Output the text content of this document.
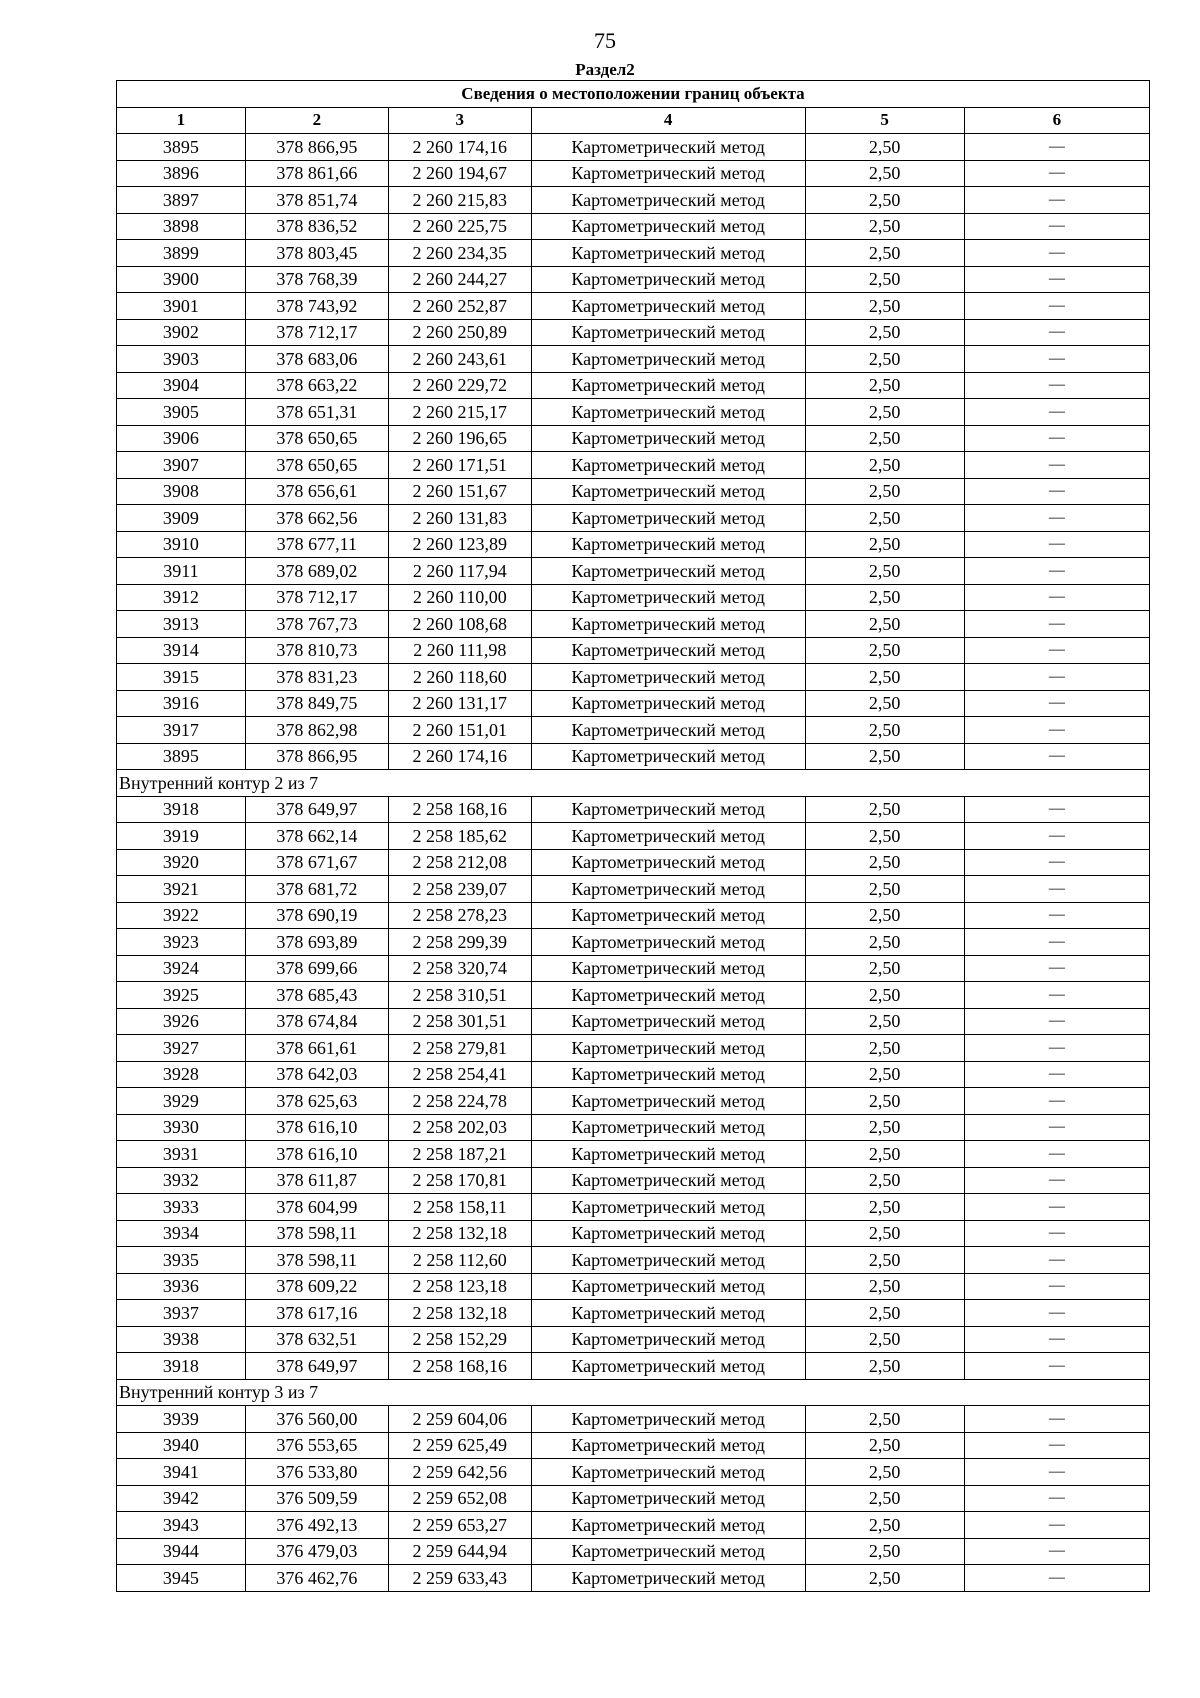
75
Раздел2
Сведения о местоположении границ объекта					
1	2	3	4	5	6
3895	378 866,95	2 260 174,16	Картометрический метод	2,50	—
3896	378 861,66	2 260 194,67	Картометрический метод	2,50	—
3897	378 851,74	2 260 215,83	Картометрический метод	2,50	—
3898	378 836,52	2 260 225,75	Картометрический метод	2,50	—
3899	378 803,45	2 260 234,35	Картометрический метод	2,50	—
3900	378 768,39	2 260 244,27	Картометрический метод	2,50	—
3901	378 743,92	2 260 252,87	Картометрический метод	2,50	—
3902	378 712,17	2 260 250,89	Картометрический метод	2,50	—
3903	378 683,06	2 260 243,61	Картометрический метод	2,50	—
3904	378 663,22	2 260 229,72	Картометрический метод	2,50	—
3905	378 651,31	2 260 215,17	Картометрический метод	2,50	—
3906	378 650,65	2 260 196,65	Картометрический метод	2,50	—
3907	378 650,65	2 260 171,51	Картометрический метод	2,50	—
3908	378 656,61	2 260 151,67	Картометрический метод	2,50	—
3909	378 662,56	2 260 131,83	Картометрический метод	2,50	—
3910	378 677,11	2 260 123,89	Картометрический метод	2,50	—
3911	378 689,02	2 260 117,94	Картометрический метод	2,50	—
3912	378 712,17	2 260 110,00	Картометрический метод	2,50	—
3913	378 767,73	2 260 108,68	Картометрический метод	2,50	—
3914	378 810,73	2 260 111,98	Картометрический метод	2,50	—
3915	378 831,23	2 260 118,60	Картометрический метод	2,50	—
3916	378 849,75	2 260 131,17	Картометрический метод	2,50	—
3917	378 862,98	2 260 151,01	Картометрический метод	2,50	—
3895	378 866,95	2 260 174,16	Картометрический метод	2,50	—
Внутренний контур 2 из 7					
3918	378 649,97	2 258 168,16	Картометрический метод	2,50	—
3919	378 662,14	2 258 185,62	Картометрический метод	2,50	—
3920	378 671,67	2 258 212,08	Картометрический метод	2,50	—
3921	378 681,72	2 258 239,07	Картометрический метод	2,50	—
3922	378 690,19	2 258 278,23	Картометрический метод	2,50	—
3923	378 693,89	2 258 299,39	Картометрический метод	2,50	—
3924	378 699,66	2 258 320,74	Картометрический метод	2,50	—
3925	378 685,43	2 258 310,51	Картометрический метод	2,50	—
3926	378 674,84	2 258 301,51	Картометрический метод	2,50	—
3927	378 661,61	2 258 279,81	Картометрический метод	2,50	—
3928	378 642,03	2 258 254,41	Картометрический метод	2,50	—
3929	378 625,63	2 258 224,78	Картометрический метод	2,50	—
3930	378 616,10	2 258 202,03	Картометрический метод	2,50	—
3931	378 616,10	2 258 187,21	Картометрический метод	2,50	—
3932	378 611,87	2 258 170,81	Картометрический метод	2,50	—
3933	378 604,99	2 258 158,11	Картометрический метод	2,50	—
3934	378 598,11	2 258 132,18	Картометрический метод	2,50	—
3935	378 598,11	2 258 112,60	Картометрический метод	2,50	—
3936	378 609,22	2 258 123,18	Картометрический метод	2,50	—
3937	378 617,16	2 258 132,18	Картометрический метод	2,50	—
3938	378 632,51	2 258 152,29	Картометрический метод	2,50	—
3918	378 649,97	2 258 168,16	Картометрический метод	2,50	—
Внутренний контур 3 из 7					
3939	376 560,00	2 259 604,06	Картометрический метод	2,50	—
3940	376 553,65	2 259 625,49	Картометрический метод	2,50	—
3941	376 533,80	2 259 642,56	Картометрический метод	2,50	—
3942	376 509,59	2 259 652,08	Картометрический метод	2,50	—
3943	376 492,13	2 259 653,27	Картометрический метод	2,50	—
3944	376 479,03	2 259 644,94	Картометрический метод	2,50	—
3945	376 462,76	2 259 633,43	Картометрический метод	2,50	—
